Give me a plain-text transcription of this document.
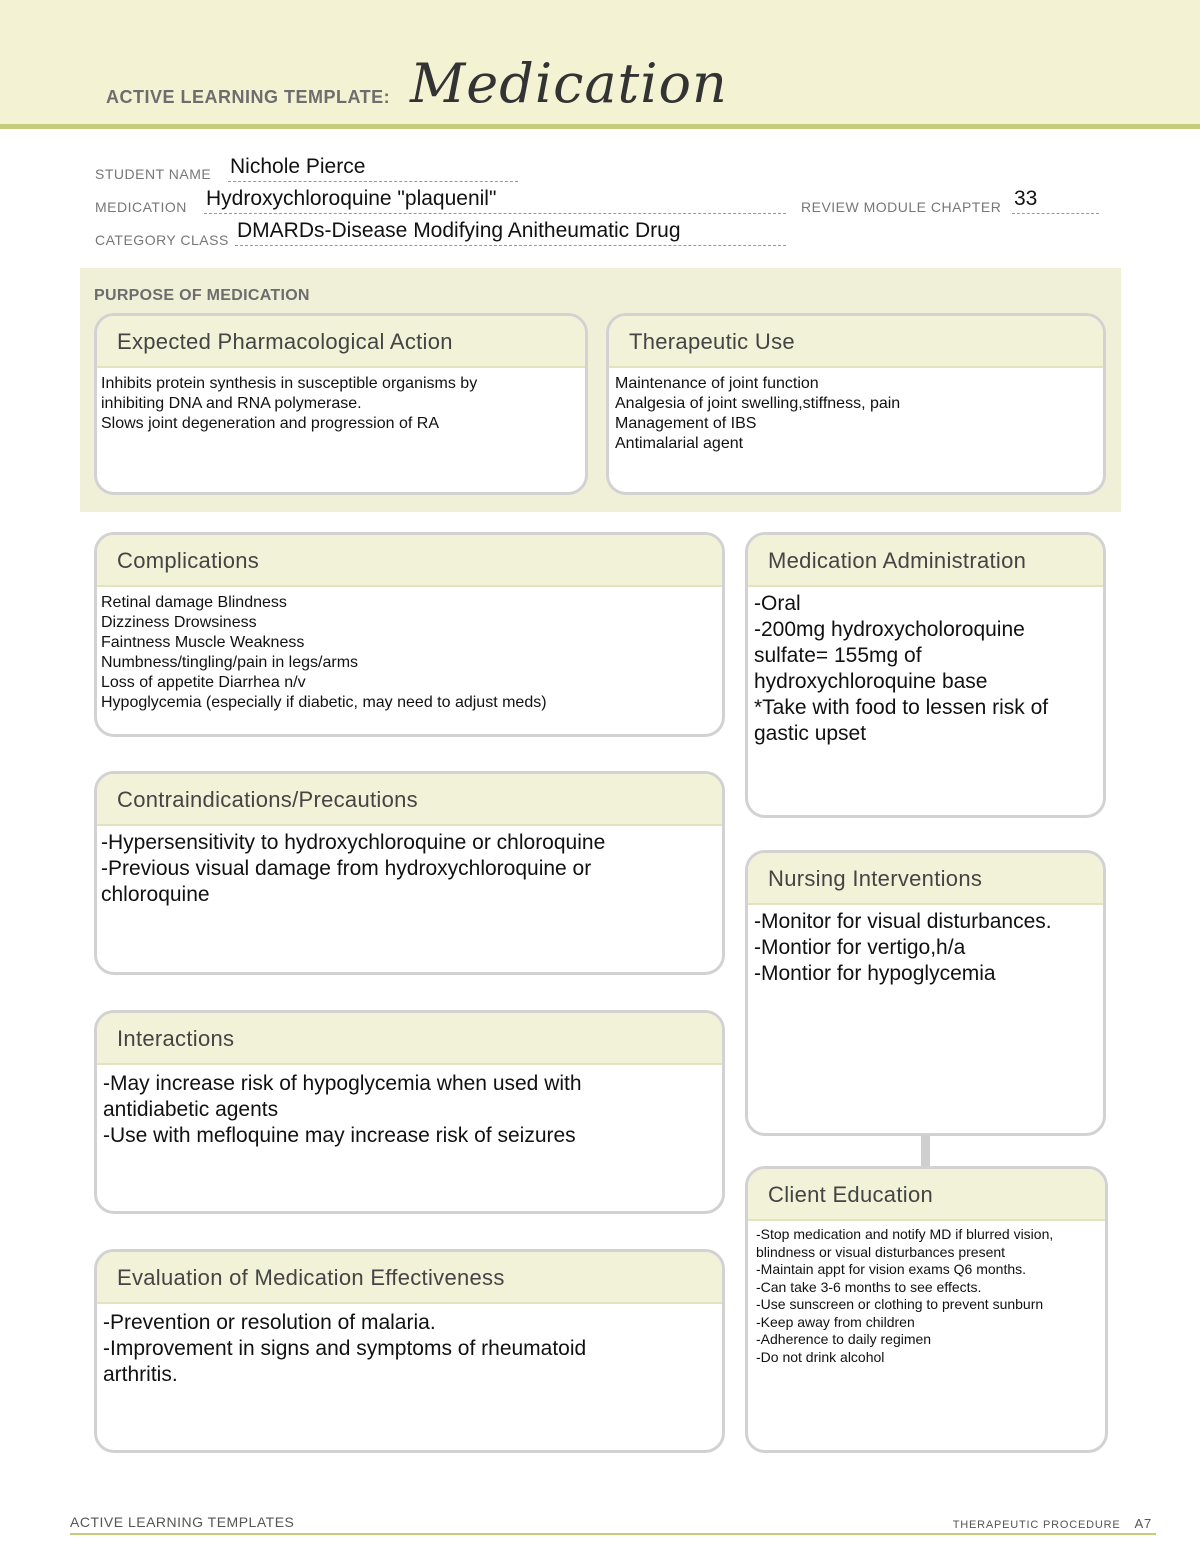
ACTIVE LEARNING TEMPLATE: Medication
STUDENT NAME Nichole Pierce
MEDICATION Hydroxychloroquine "plaquenil"	REVIEW MODULE CHAPTER 33
CATEGORY CLASS DMARDs-Disease Modifying Anitheumatic Drug
PURPOSE OF MEDICATION
Expected Pharmacological Action
Inhibits protein synthesis in susceptible organisms by
inhibiting DNA and RNA polymerase.
Slows joint degeneration and progression of RA
Therapeutic Use
Maintenance of joint function
Analgesia of joint swelling,stiffness, pain
Management of IBS
Antimalarial agent
Complications
Retinal damage Blindness
Dizziness Drowsiness
Faintness Muscle Weakness
Numbness/tingling/pain in legs/arms
Loss of appetite Diarrhea n/v
Hypoglycemia (especially if diabetic, may need to adjust meds)
Medication Administration
-Oral
-200mg hydroxycholoroquine
sulfate= 155mg of
hydroxychloroquine base
*Take with food to lessen risk of
gastic upset
Contraindications/Precautions
-Hypersensitivity to hydroxychloroquine or chloroquine
-Previous visual damage from hydroxychloroquine or
chloroquine
Nursing Interventions
-Monitor for visual disturbances.
-Montior for vertigo,h/a
-Montior for hypoglycemia
Interactions
-May increase risk of hypoglycemia when used with
antidiabetic agents
-Use with mefloquine may increase risk of seizures
Client Education
-Stop medication and notify MD if blurred vision,
blindness or visual disturbances present
-Maintain appt for vision exams Q6 months.
-Can take 3-6 months to see effects.
-Use sunscreen or clothing to prevent sunburn
-Keep away from children
-Adherence to daily regimen
-Do not drink alcohol
Evaluation of Medication Effectiveness
-Prevention or resolution of malaria.
-Improvement in signs and symptoms of rheumatoid
arthritis.
ACTIVE LEARNING TEMPLATES	THERAPEUTIC PROCEDURE A7
